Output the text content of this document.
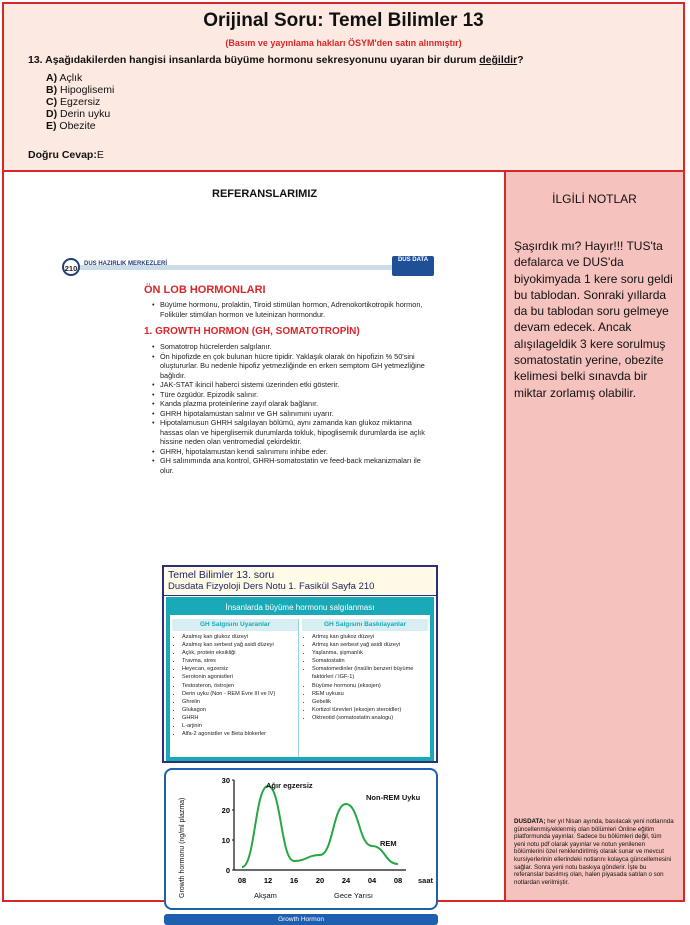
Orijinal Soru: Temel Bilimler 13
(Basım ve yayınlama hakları ÖSYM'den satın alınmıştır)
13. Aşağıdakilerden hangisi insanlarda büyüme hormonu sekresyonunu uyaran bir durum değildir?
A) Açlık
B) Hipoglisemi
C) Egzersiz
D) Derin uyku
E) Obezite
Doğru Cevap:E
REFERANSLARIMIZ
210	DUS HAZIRLIK MERKEZLERİ
DUS DATA
ÖN LOB HORMONLARI
• Büyüme hormonu, prolaktin, Tiroid stimülan hormon, Adrenokortikotropik hormon, Foliküler stimülan hormon ve luteinizan hormondur.
1. GROWTH HORMON (GH, SOMATOTROPİN)
• Somatotrop hücrelerden salgılanır.
• Ön hipofizde en çok bulunan hücre tipidir. Yaklaşık olarak ön hipofizin % 50'sini oluştururlar. Bu nedenle hipofiz yetmezliğinde en erken semptom GH yetmezliğine bağlıdır.
• JAK-STAT ikincil haberci sistemi üzerinden etki gösterir.
• Türe özgüdür. Epizodik salınır.
• Kanda plazma proteinlerine zayıf olarak bağlanır.
• GHRH hipotalamustan salınır ve GH salınımını uyarır.
• Hipotalamusun GHRH salgılayan bölümü, aynı zamanda kan glukoz miktarına hassas olan ve hiperglisemik durumlarda tokluk, hipoglisemik durumlarda ise açlık hissine neden olan ventromedial çekirdektir.
• GHRH, hipotalamustan kendi salınımını inhibe eder.
• GH salınımında ana kontrol, GHRH-somatostatin ve feed-back mekanizmaları ile olur.
Temel Bilimler 13. soru
Dusdata Fizyoloji Ders Notu 1. Fasikül Sayfa 210
İnsanlarda büyüme hormonu salgılanması
GH Salgısını Uyaranlar
• Azalmış kan glukoz düzeyi
• Azalmış kan serbest yağ asidi düzeyi
• Açlık, protein eksikliği
• Travma, stres
• Heyecan, egzersiz
• Serotonin agonistleri
• Testosteron, östrojen
• Derin uyku (Non - REM Evre III ve IV)
• Ghrelin
• Glukagon
• GHRH
• L-arjinin
• Alfa-2 agonistler ve Beta blokerler
GH Salgısını Baskılayanlar
• Artmış kan glukoz düzeyi
• Artmış kan serbest yağ asidi düzeyi
• Yaşlanma, şişmanlık
• Somatostatin
• Somatomedinler (insülin benzeri büyüme faktörleri / IGF-1)
• Büyüme hormonu (eksojen)
• REM uykusu
• Gebelik
• Kortizol türevleri (eksojen steroidler)
• Oktreotid (somatostatin analogu)
Growth hormonu (ng/ml plazma)
30
20
10
0
08 12 16 20 24 04 08 saat
Ağır egzersiz
Non-REM Uyku
REM
Akşam	Gece Yarısı
Growth Hormon
İLGİLİ NOTLAR
Şaşırdık mı? Hayır!!! TUS'ta defalarca ve DUS'da biyokimyada 1 kere soru geldi bu tablodan. Sonraki yıllarda da bu tablodan soru gelmeye devam edecek. Ancak alışılageldik 3 kere sorulmuş somatostatin yerine, obezite kelimesi belki sınavda bir miktar zorlamış olabilir.
DUSDATA; her yıl Nisan ayında, basılacak yeni notlarında güncellenmiş/eklenmiş olan bölümleri Online eğitim platformunda yayınlar. Sadece bu bölümleri değil, tüm yeni notu pdf olarak yayınlar ve notun yenilenen bölümlerini özel renklendirilmiş olarak sunar ve mevcut kursiyerlerinin ellerindeki notlarını kolayca güncellemesini sağlar. Sonra yeni notu baskıya gönderir. İşte bu referanslar basılmış olan, halen piyasada satılan o son notlardan verilmiştir.
